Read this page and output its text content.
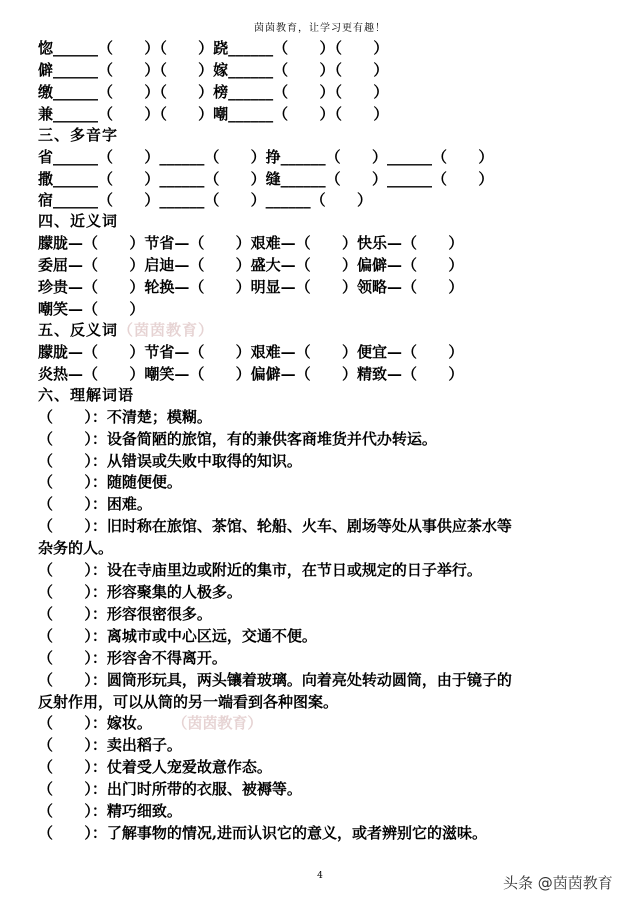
茵茵教育，让学习更有趣！
惚______（      ）（      ）跷______（      ）（      ）
僻______（      ）（      ）嫁______（      ）（      ）
缴______（      ）（      ）榜______（      ）（      ）
兼______（      ）（      ）嘲______（      ）（      ）
三、多音字
省______（      ）______（      ）挣______（      ）______（      ）
撒______（      ）______（      ）缝______（      ）______（      ）
宿______（      ）______（      ）______（      ）
四、近义词
朦胧—（      ）节省—（      ）艰难—（      ）快乐—（      ）
委屈—（      ）启迪—（      ）盛大—（      ）偏僻—（      ）
珍贵—（      ）轮换—（      ）明显—（      ）领略—（      ）
嘲笑—（      ）
五、反义词（茵茵教育）
朦胧—（      ）节省—（      ）艰难—（      ）便宜—（      ）
炎热—（      ）嘲笑—（      ）偏僻—（      ）精致—（      ）
六、理解词语
（      ）：不清楚；模糊。
（      ）：设备简陋的旅馆，有的兼供客商堆货并代办转运。
（      ）：从错误或失败中取得的知识。
（      ）：随随便便。
（      ）：困难。
（      ）：旧时称在旅馆、茶馆、轮船、火车、剧场等处从事供应茶水等
杂务的人。
（      ）：设在寺庙里边或附近的集市，在节日或规定的日子举行。
（      ）：形容聚集的人极多。
（      ）：形容很密很多。
（      ）：离城市或中心区远，交通不便。
（      ）：形容舍不得离开。
（      ）：圆筒形玩具，两头镶着玻璃。向着亮处转动圆筒，由于镜子的
反射作用，可以从筒的另一端看到各种图案。
（      ）：嫁妆。 （茵茵教育）
（      ）：卖出稻子。
（      ）：仗着受人宠爱故意作态。
（      ）：出门时所带的衣服、被褥等。
（      ）：精巧细致。
（      ）：了解事物的情况,进而认识它的意义，或者辨别它的滋味。
4	头条 @茵茵教育
